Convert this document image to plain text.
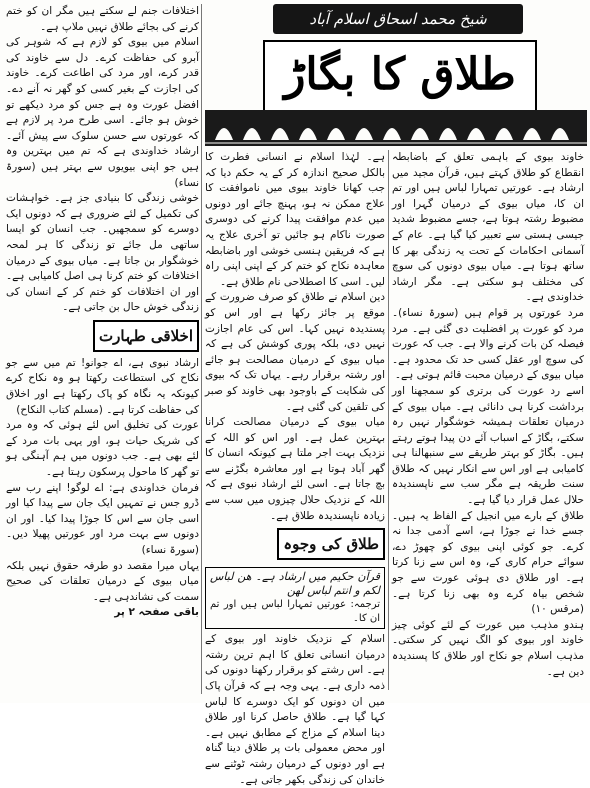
شیخ محمد اسحاق اسلام آباد
طلاق کا بگاڑ

خاوند بیوی کے باہمی تعلق کے باضابطہ انقطاع کو طلاق کہتے ہیں، قرآن مجید میں ارشاد ہے۔ عورتیں تمہارا لباس ہیں اور تم ان کا، میاں بیوی کے درمیان گہرا اور مضبوط رشتہ ہوتا ہے، جسے مضبوط شدید جیسی ہستی سے تعبیر کیا گیا ہے۔ عام کے آسمانی احکامات کے تحت یہ زندگی بھر کا ساتھ ہوتا ہے۔ میاں بیوی دونوں کی سوچ کی مختلف ہو سکتی ہے۔ مگر ارشاد خداوندی ہے۔

مرد عورتوں پر قوام ہیں (سورۃ نساء)۔ مرد کو عورت پر افضلیت دی گئی ہے۔ مرد فیصلہ کن بات کرنے والا ہے۔ جب کہ عورت کی سوچ اور عقل کسی حد تک محدود ہے۔ میاں بیوی کے درمیان محبت قائم ہوتی ہے۔

اسے رد عورت کی برتری کو سمجھنا اور برداشت کرنا ہی دانائی ہے۔ میاں بیوی کے درمیان تعلقات ہمیشہ خوشگوار نہیں رہ سکتے، بگاڑ کے اسباب آئے دن پیدا ہوتے رہتے ہیں۔ بگاڑ کو بہتر طریقے سے سنبھالنا ہی کامیابی ہے اور اس سے انکار نہیں کہ طلاق سنت طریقہ ہے مگر سب سے ناپسندیدہ حلال عمل قرار دیا گیا ہے۔

طلاق کے بارے میں انجیل کے الفاظ یہ ہیں۔ جسے خدا نے جوڑا ہے، اسے آدمی جدا نہ کرے۔ جو کوئی اپنی بیوی کو چھوڑ دے، سوائے حرام کاری کے، وہ اس سے زنا کرتا ہے۔ اور طلاق دی ہوئی عورت سے جو شخص بیاہ کرے وہ بھی زنا کرتا ہے۔ (مرقس ۱۰)

ہندو مذہب میں عورت کے لئے کوئی چیز خاوند اور بیوی کو الگ نہیں کر سکتی۔ مذہب اسلام جو نکاح اور طلاق کا پسندیدہ دین ہے۔

ہے۔ لہٰذا اسلام نے انسانی فطرت کا بالکل صحیح اندازہ کر کے یہ حکم دیا کہ جب کھانا خاوند بیوی میں ناموافقت کا علاج ممکن نہ ہو، پہنچ جائے اور دونوں میں عدم موافقت پیدا کرنے کی دوسری صورت ناکام ہو جائیں تو آخری علاج یہ ہے کہ فریقین ہنسی خوشی اور باضابطہ معاہدہ نکاح کو ختم کر کے اپنی اپنی راہ لیں۔ اسی کا اصطلاحی نام طلاق ہے۔

دین اسلام نے طلاق کو صرف ضرورت کے موقع پر جائز رکھا ہے اور اس کو پسندیدہ نہیں کہا۔ اس کی عام اجازت نہیں دی، بلکہ پوری کوشش کی ہے کہ میاں بیوی کے درمیان مصالحت ہو جائے اور رشتہ برقرار رہے۔ یہاں تک کہ بیوی کی شکایت کے باوجود بھی خاوند کو صبر کی تلقین کی گئی ہے۔

میاں بیوی کے درمیان مصالحت کرانا بہترین عمل ہے۔ اور اس کو اللہ کے نزدیک بہت اجر ملتا ہے کیونکہ انسان کا گھر آباد ہوتا ہے اور معاشرہ بگڑنے سے بچ جاتا ہے۔ اسی لئے ارشاد نبوی ہے کہ اللہ کے نزدیک حلال چیزوں میں سب سے زیادہ ناپسندیدہ طلاق ہے۔

طلاق کی وجوہ
قرآن حکیم میں ارشاد ہے۔ ھن لباس لکم و انتم لباس لھن
ترجمہ: عورتیں تمہارا لباس ہیں اور تم ان کا۔

اسلام کے نزدیک خاوند اور بیوی کے درمیان انسانی تعلق کا اہم ترین رشتہ ہے۔ اس رشتے کو برقرار رکھنا دونوں کی ذمہ داری ہے۔ یہی وجہ ہے کہ قرآن پاک میں ان دونوں کو ایک دوسرے کا لباس کہا گیا ہے۔ طلاق حاصل کرنا اور طلاق دینا اسلام کے مزاج کے مطابق نہیں ہے۔ اور محض معمولی بات پر طلاق دینا گناہ ہے اور دونوں کے درمیان رشتہ ٹوٹنے سے خاندان کی زندگی بکھر جاتی ہے۔

اختلافات جنم لے سکتے ہیں مگر ان کو ختم کرنے کی بجائے طلاق نہیں ملاپ ہے۔

اسلام میں بیوی کو لازم ہے کہ شوہر کی آبرو کی حفاظت کرے۔ دل سے خاوند کی قدر کرے، اور مرد کی اطاعت کرے۔ خاوند کی اجازت کے بغیر کسی کو گھر نہ آنے دے۔ افضل عورت وہ ہے جس کو مرد دیکھے تو خوش ہو جائے۔ اسی طرح مرد پر لازم ہے کہ عورتوں سے حسن سلوک سے پیش آئے۔ ارشاد خداوندی ہے کہ تم میں بہترین وہ ہیں جو اپنی بیویوں سے بہتر ہیں (سورۃ نساء)

خوشی زندگی کا بنیادی جز ہے۔ خواہشات کی تکمیل کے لئے ضروری ہے کہ دونوں ایک دوسرے کو سمجھیں۔ جب انسان کو ایسا ساتھی مل جائے تو زندگی کا ہر لمحہ خوشگوار بن جاتا ہے۔ میاں بیوی کے درمیان اختلافات کو ختم کرنا ہی اصل کامیابی ہے۔ اور ان اختلافات کو ختم کر کے انسان کی زندگی خوش حال بن جاتی ہے۔

اخلاقی طہارت

ارشاد نبوی ہے، اے جوانو! تم میں سے جو نکاح کی استطاعت رکھتا ہو وہ نکاح کرے کیونکہ یہ نگاہ کو پاک رکھتا ہے اور اخلاق کی حفاظت کرتا ہے۔ (مسلم کتاب النکاح)

عورت کی تخلیق اس لئے ہوئی کہ وہ مرد کی شریک حیات ہو، اور یہی بات مرد کے لئے بھی ہے۔ جب دونوں میں ہم آہنگی ہو تو گھر کا ماحول پرسکون رہتا ہے۔

فرمان خداوندی ہے: اے لوگو! اپنے رب سے ڈرو جس نے تمہیں ایک جان سے پیدا کیا اور اسی جان سے اس کا جوڑا پیدا کیا۔ اور ان دونوں سے بہت مرد اور عورتیں پھیلا دیں۔ (سورۃ نساء)

یہاں میرا مقصد دو طرفہ حقوق نہیں بلکہ میاں بیوی کے درمیان تعلقات کی صحیح سمت کی نشاندہی ہے۔

باقی صفحہ ۲ پر
